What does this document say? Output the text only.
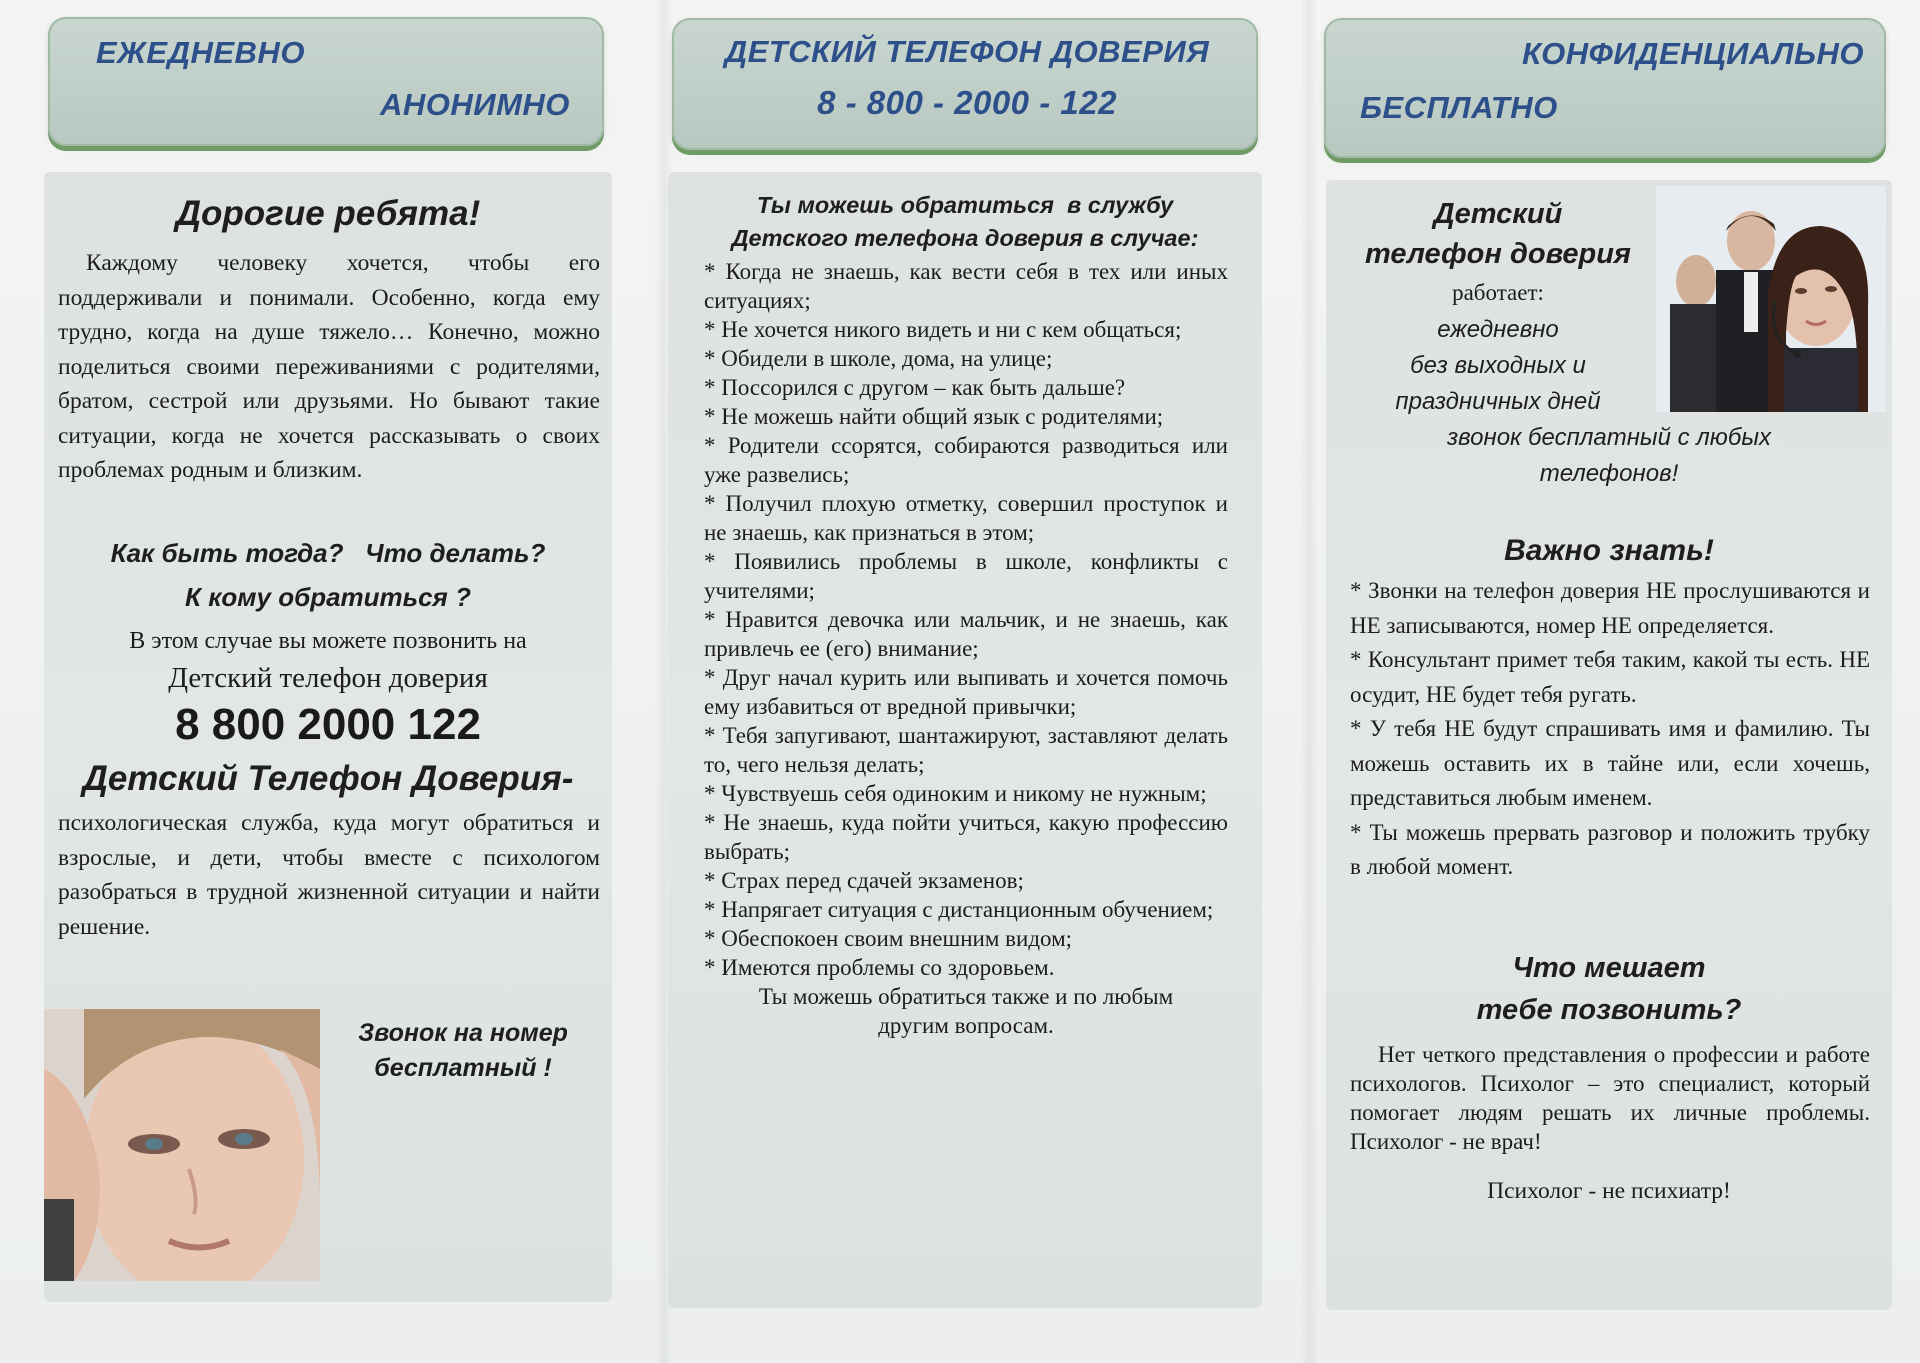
ЕЖЕДНЕВНО
АНОНИМНО
Дорогие ребята!

Каждому человеку хочется, чтобы его поддерживали и понимали. Особенно, когда ему трудно, когда на душе тяжело… Конечно, можно поделиться своими переживаниями с родителями, братом, сестрой или друзьями. Но бывают такие ситуации, когда не хочется рассказывать о своих проблемах родным и близким.

Как быть тогда?   Что делать?
К кому обратиться ?
В этом случае вы можете позвонить на
Детский телефон доверия
8 800 2000 122
Детский Телефон Доверия-

психологическая служба, куда могут обратиться и взрослые, и дети, чтобы вместе с психологом разобраться в трудной жизненной ситуации и найти решение.

Звонок на номер бесплатный !
ДЕТСКИЙ ТЕЛЕФОН ДОВЕРИЯ
8 - 800 - 2000 - 122
Ты можешь обратиться  в службу
Детского телефона доверия в случае:

* Когда не знаешь, как вести себя в тех или иных ситуациях;

* Не хочется никого видеть и ни с кем общаться;

* Обидели в школе, дома, на улице;

* Поссорился с другом – как быть дальше?

* Не можешь найти общий язык с родителями;

* Родители ссорятся, собираются разводиться или уже развелись;

* Получил плохую отметку, совершил проступок и не знаешь, как признаться в этом;

* Появились проблемы в школе, конфликты с учителями;

* Нравится девочка или мальчик, и не знаешь, как привлечь ее (его) внимание;

* Друг начал курить или выпивать и хочется помочь ему избавиться от вредной привычки;

* Тебя запугивают, шантажируют, заставляют делать то, чего нельзя делать;

* Чувствуешь себя одиноким и никому не нужным;

* Не знаешь, куда пойти учиться, какую профессию выбрать;

* Страх перед сдачей экзаменов;

* Напрягает ситуация с дистанционным обучением;

* Обеспокоен своим внешним видом;

* Имеются проблемы со здоровьем.

Ты можешь обратиться также и по любым другим вопросам.

КОНФИДЕНЦИАЛЬНО
БЕСПЛАТНО
Детский
телефон доверия
работает:
ежедневно
без выходных и
праздничных дней
звонок бесплатный с любых
телефонов!
Важно знать!

* Звонки на телефон доверия НЕ прослушиваются и НЕ записываются, номер НЕ определяется.

* Консультант примет тебя таким, какой ты есть. НЕ осудит, НЕ будет тебя ругать.

* У тебя НЕ будут спрашивать имя и фамилию. Ты можешь оставить их в тайне или, если хочешь, представиться любым именем.

* Ты можешь прервать разговор и положить трубку в любой момент.

Что мешает
тебе позвонить?

Нет четкого представления о профессии и работе психологов. Психолог – это специалист, который помогает людям решать их личные проблемы. Психолог - не врач!

Психолог - не психиатр!
